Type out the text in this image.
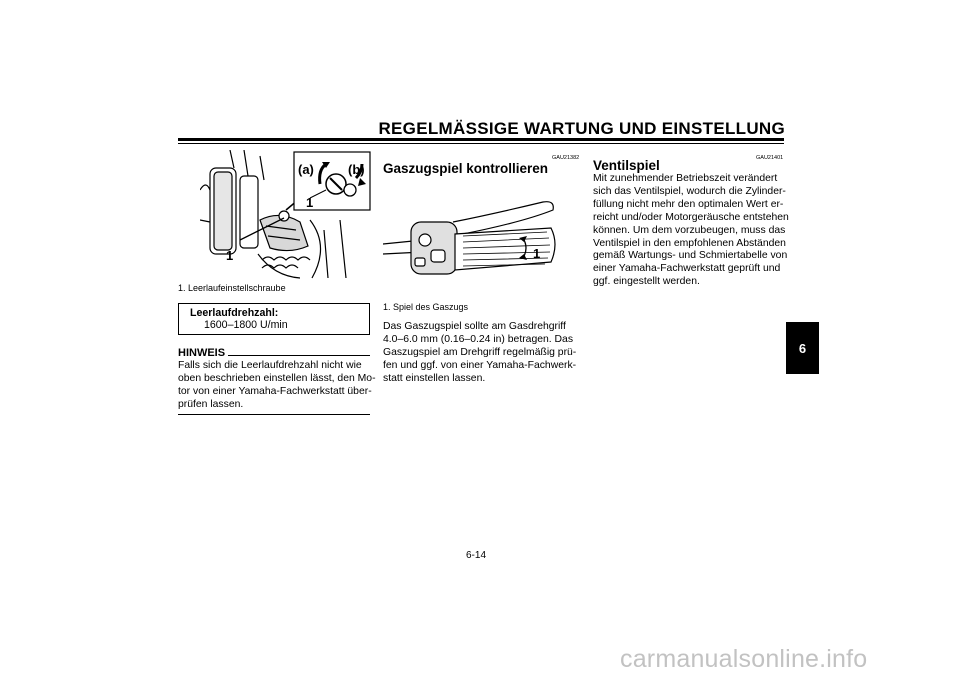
REGELMÄSSIGE WARTUNG UND EINSTELLUNG
(a)	(b)
1
1
1. Leerlaufeinstellschraube
Leerlaufdrehzahl:
1600–1800 U/min
HINWEIS
Falls sich die Leerlaufdrehzahl nicht wie
oben beschrieben einstellen lässt, den Mo-
tor von einer Yamaha-Fachwerkstatt über-
prüfen lassen.
GAU21382
Gaszugspiel kontrollieren
1
1. Spiel des Gaszugs
Das Gaszugspiel sollte am Gasdrehgriff
4.0–6.0 mm (0.16–0.24 in) betragen. Das
Gaszugspiel am Drehgriff regelmäßig prü-
fen und ggf. von einer Yamaha-Fachwerk-
statt einstellen lassen.
GAU21401
Ventilspiel
Mit zunehmender Betriebszeit verändert
sich das Ventilspiel, wodurch die Zylinder-
füllung nicht mehr den optimalen Wert er-
reicht und/oder Motorgeräusche entstehen
können. Um dem vorzubeugen, muss das
Ventilspiel in den empfohlenen Abständen
gemäß Wartungs- und Schmiertabelle von
einer Yamaha-Fachwerkstatt geprüft und
ggf. eingestellt werden.
6
6-14
carmanualsonline.info
